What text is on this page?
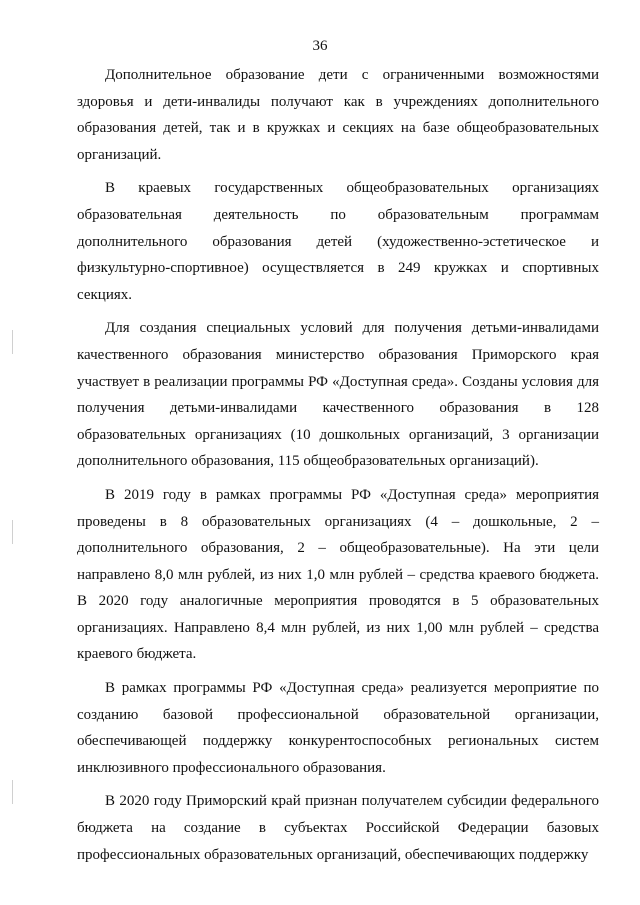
36

Дополнительное образование дети с ограниченными возможностями здоровья и дети-инвалиды получают как в учреждениях дополнительного образования детей, так и в кружках и секциях на базе общеобразовательных организаций.

В краевых государственных общеобразовательных организациях образовательная деятельность по образовательным программам дополнительного образования детей (художественно-эстетическое и физкультурно-спортивное) осуществляется в 249 кружках и спортивных секциях.

Для создания специальных условий для получения детьми-инвалидами качественного образования министерство образования Приморского края участвует в реализации программы РФ «Доступная среда». Созданы условия для получения детьми-инвалидами качественного образования в 128 образовательных организациях (10 дошкольных организаций, 3 организации дополнительного образования, 115 общеобразовательных организаций).

В 2019 году в рамках программы РФ «Доступная среда» мероприятия проведены в 8 образовательных организациях (4 – дошкольные, 2 – дополнительного образования, 2 – общеобразовательные). На эти цели направлено 8,0 млн рублей, из них 1,0 млн рублей – средства краевого бюджета. В 2020 году аналогичные мероприятия проводятся в 5 образовательных организациях. Направлено 8,4 млн рублей, из них 1,00 млн рублей – средства краевого бюджета.

В рамках программы РФ «Доступная среда» реализуется мероприятие по созданию базовой профессиональной образовательной организации, обеспечивающей поддержку конкурентоспособных региональных систем инклюзивного профессионального образования.

В 2020 году Приморский край признан получателем субсидии федерального бюджета на создание в субъектах Российской Федерации базовых профессиональных образовательных организаций, обеспечивающих поддержку
